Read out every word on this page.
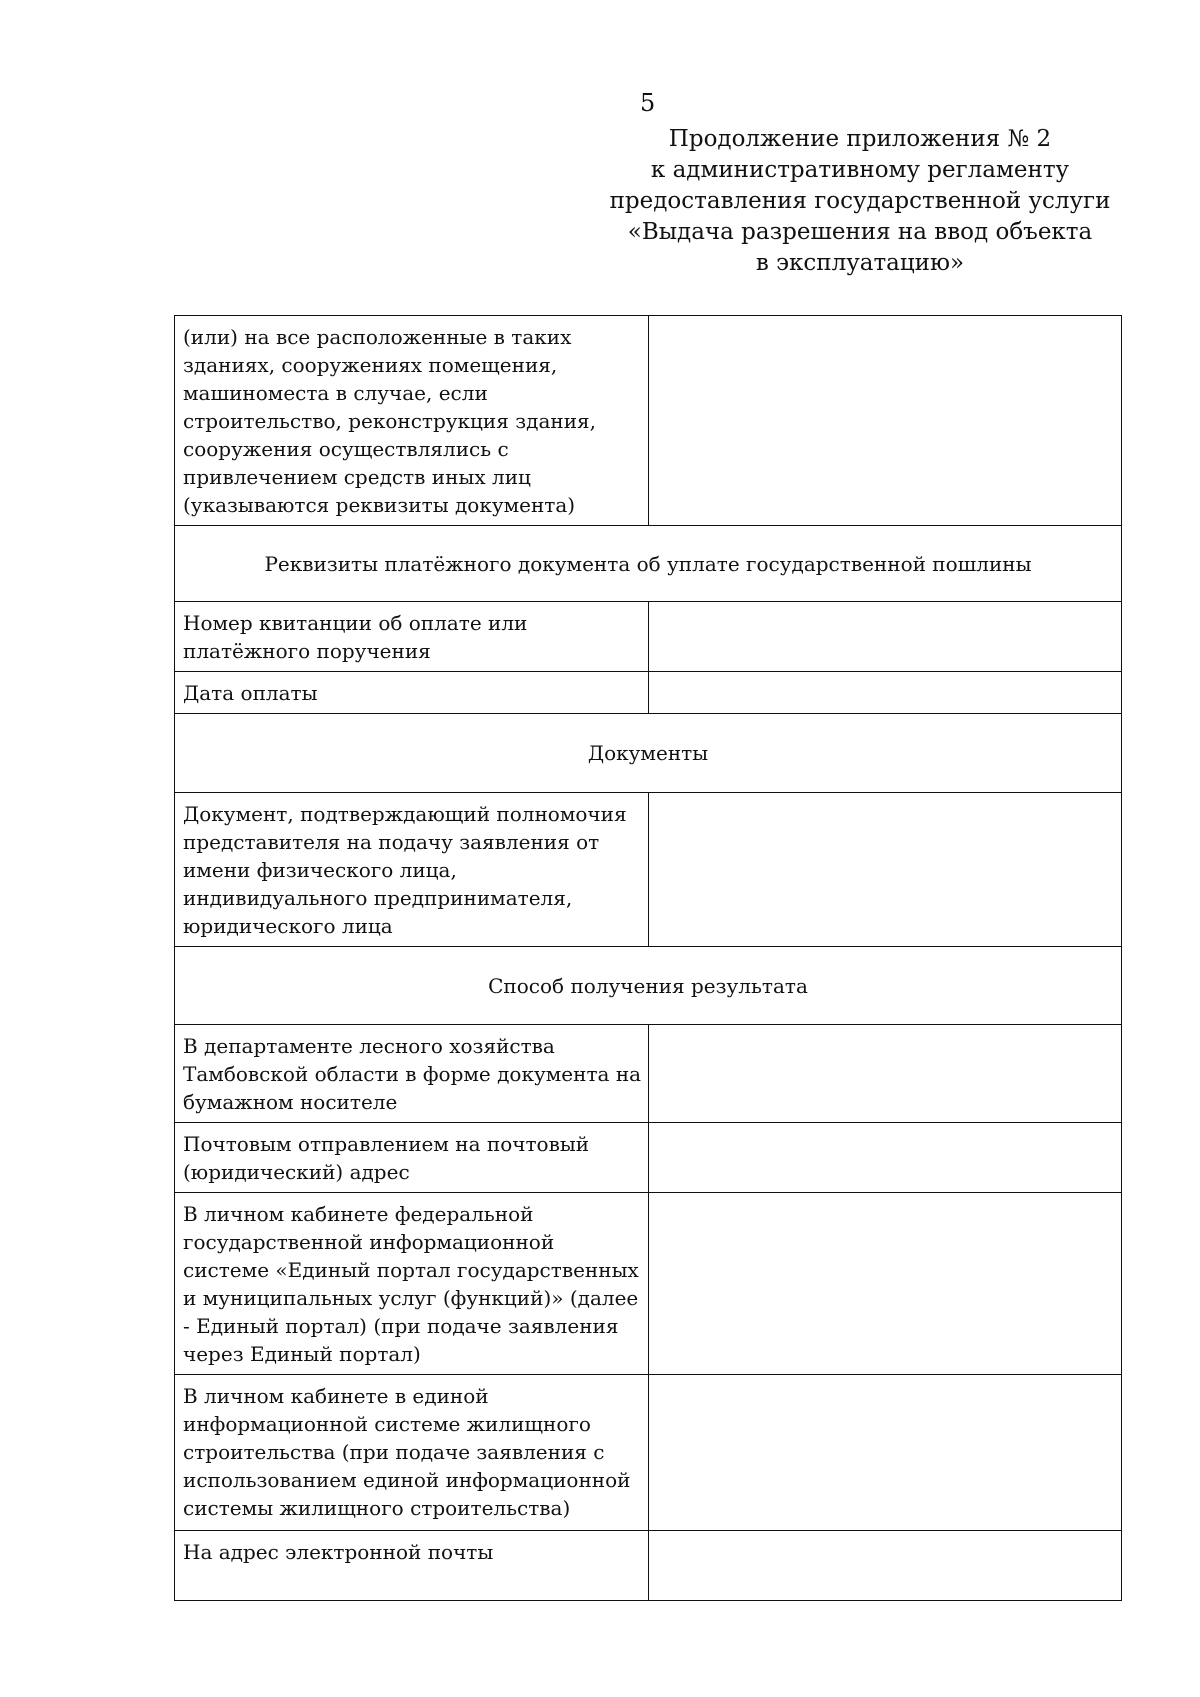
5
Продолжение приложения № 2
к административному регламенту
предоставления государственной услуги
«Выдача разрешения на ввод объекта
в эксплуатацию»
(или) на все расположенные в таких зданиях, сооружениях помещения, машиноместа в случае, если строительство, реконструкция здания, сооружения осуществлялись с привлечением средств иных лиц (указываются реквизиты документа)	
Реквизиты платёжного документа об уплате государственной пошлины	
Номер квитанции об оплате или платёжного поручения	
Дата оплаты	
Документы	
Документ, подтверждающий полномочия представителя на подачу заявления от имени физического лица, индивидуального предпринимателя, юридического лица	
Способ получения результата	
В департаменте лесного хозяйства Тамбовской области в форме документа на бумажном носителе	
Почтовым отправлением на почтовый (юридический) адрес	
В личном кабинете федеральной государственной информационной системе «Единый портал государственных и муниципальных услуг (функций)» (далее - Единый портал) (при подаче заявления через Единый портал)	
В личном кабинете в единой информационной системе жилищного строительства (при подаче заявления с использованием единой информационной системы жилищного строительства)	
На адрес электронной почты	
